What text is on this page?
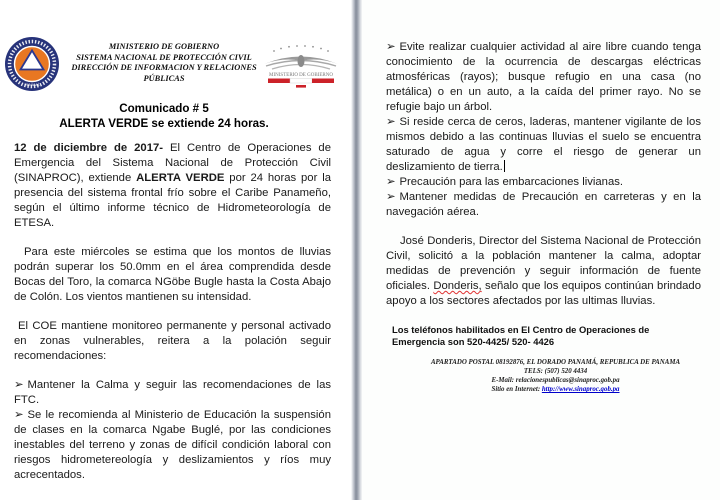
PANAMÁ
MINISTERIO DE GOBIERNO
SISTEMA NACIONAL DE PROTECCIÓN CIVIL
DIRECCIÓN DE INFORMACION Y RELACIONES
PÚBLICAS	MINISTERIO DE GOBIERNO
Comunicado # 5
ALERTA VERDE se extiende 24 horas.

12 de diciembre de 2017- El Centro de Operaciones de Emergencia del Sistema Nacional de Protección Civil (SINAPROC), extiende ALERTA VERDE por 24 horas por la presencia del sistema frontal frío sobre el Caribe Panameño, según el último informe técnico de Hidrometeorología de ETESA.

Para este miércoles se estima que los montos de lluvias podrán superar los 50.0mm en el área comprendida desde Bocas del Toro, la comarca NGöbe Bugle hasta la Costa Abajo de Colón. Los vientos mantienen su intensidad.

El COE mantiene monitoreo permanente y personal activado en zonas vulnerables, reitera a la polación seguir recomendaciones:

➢ Mantener la Calma y seguir las recomendaciones de las FTC.

➢ Se le recomienda al Ministerio de Educación la suspensión de clases en la comarca Ngabe Buglé, por las condiciones inestables del terreno y zonas de difícil condición laboral con riesgos hidrometereología y deslizamientos y ríos muy acrecentados.

➢ Evite realizar cualquier actividad al aire libre cuando tenga conocimiento de la ocurrencia de descargas eléctricas atmosféricas (rayos); busque refugio en una casa (no metálica) o en un auto, a la caída del primer rayo. No se refugie bajo un árbol.

➢ Si reside cerca de ceros, laderas, mantener vigilante de los mismos debido a las continuas lluvias el suelo se encuentra saturado de agua y corre el riesgo de generar un deslizamiento de tierra.

➢ Precaución para las embarcaciones livianas.

➢ Mantener medidas de Precaución en carreteras y en la navegación aérea.

José Donderis, Director del Sistema Nacional de Protección Civil, solicitó a la población mantener la calma, adoptar medidas de prevención y seguir información de fuente oficiales. Donderis, señalo que los equipos continúan brindado apoyo a los sectores afectados por las ultimas lluvias.

Los teléfonos habilitados en El Centro de Operaciones de Emergencia son 520-4425/ 520- 4426

APARTADO POSTAL 08192876, EL DORADO PANAMÁ, REPUBLICA DE PANAMA
TELS: (507) 520 4434
E-Mail: relacionespublicas@sinaproc.gob.pa
Sitio en Internet: http://www.sinaproc.gob.pa
